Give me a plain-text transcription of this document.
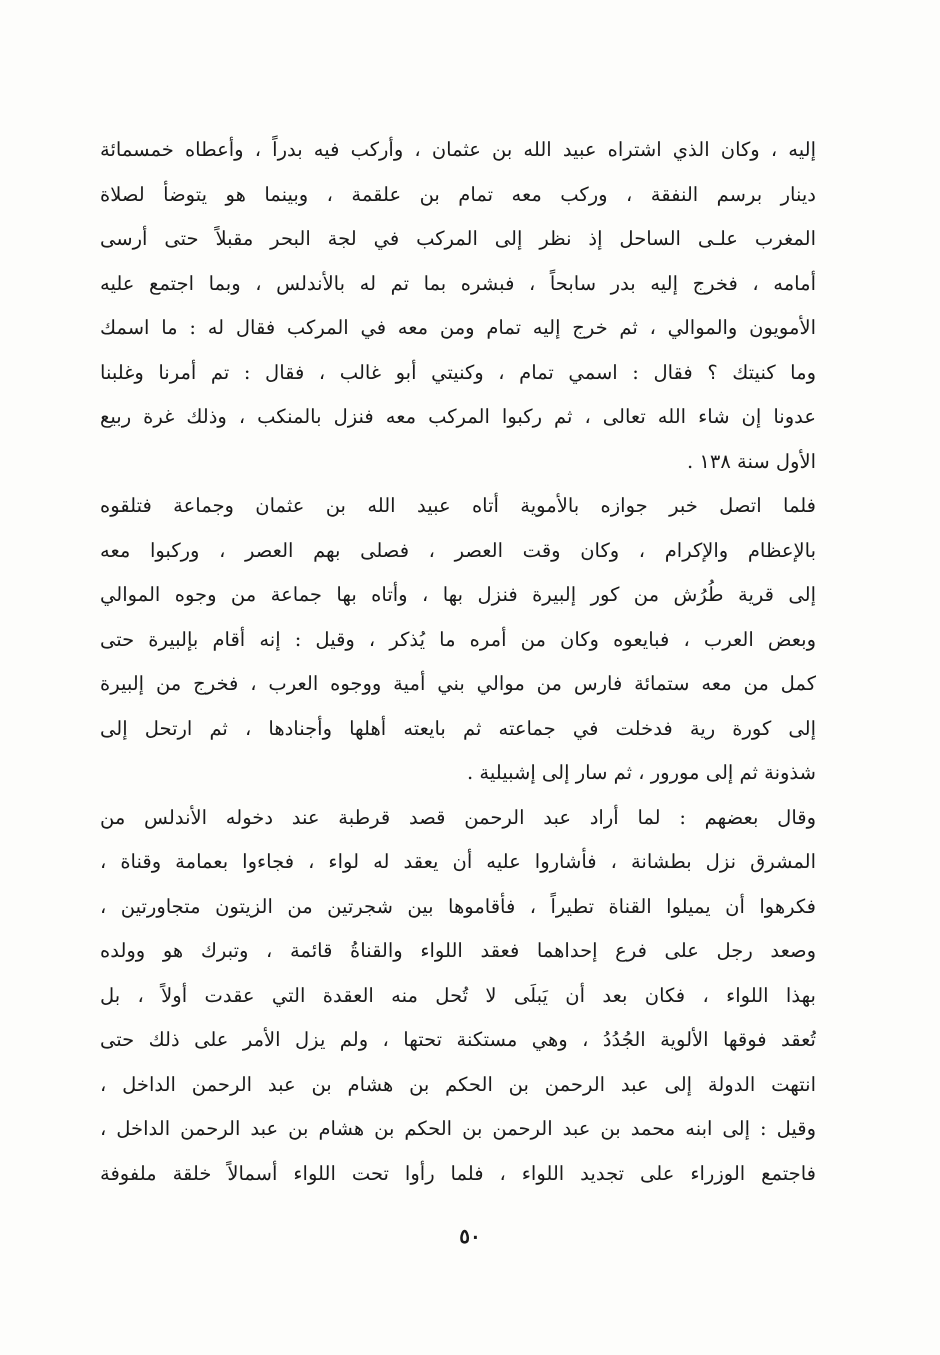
إليه ، وكان الذي اشتراه عبيد الله بن عثمان ، وأركب فيه بدراً ، وأعطاه خمسمائة
دينار برسم النفقة ، وركب معه تمام بن علقمة ، وبينما هو يتوضأ لصلاة
المغرب علـى الساحل إذ نظر إلى المركب في لجة البحر مقبلاً حتى أرسى
أمامه ، فخرج إليه بدر سابحاً ، فبشره بما تم له بالأندلس ، وبما اجتمع عليه
الأمويون والموالي ، ثم خرج إليه تمام ومن معه في المركب فقال له : ما اسمك
وما كنيتك ؟ فقال : اسمي تمام ، وكنيتي أبو غالب ، فقال : تم أمرنا وغلبنا
عدونا إن شاء الله تعالى ، ثم ركبوا المركب معه فنزل بالمنكب ، وذلك غرة ربيع
الأول سنة ١٣٨ .
فلما اتصل خبر جوازه بالأموية أتاه عبيد الله بن عثمان وجماعة فتلقوه
بالإعظام والإكرام ، وكان وقت العصر ، فصلى بهم العصر ، وركبوا معه
إلى قرية طُرُش من كور إلبيرة فنزل بها ، وأتاه بها جماعة من وجوه الموالي
وبعض العرب ، فبايعوه وكان من أمره ما يُذكر ، وقيل : إنه أقام بإلبيرة حتى
كمل من معه ستمائة فارس من موالي بني أمية ووجوه العرب ، فخرج من إلبيرة
إلى كورة رية فدخلت في جماعته ثم بايعته أهلها وأجنادها ، ثم ارتحل إلى
شذونة ثم إلى مورور ، ثم سار إلى إشبيلية .
وقال بعضهم : لما أراد عبد الرحمن قصد قرطبة عند دخوله الأندلس من
المشرق نزل بطشانة ، فأشاروا عليه أن يعقد له لواء ، فجاءوا بعمامة وقناة ،
فكرهوا أن يميلوا القناة تطيراً ، فأقاموها بين شجرتين من الزيتون متجاورتين ،
وصعد رجل على فرع إحداهما فعقد اللواء والقناةُ قائمة ، وتبرك هو وولده
بهذا اللواء ، فكان بعد أن يَبلَى لا تُحل منه العقدة التي عقدت أولاً ، بل
تُعقد فوقها الألوية الجُدُدُ ، وهي مستكنة تحتها ، ولم يزل الأمر على ذلك حتى
انتهت الدولة إلى عبد الرحمن بن الحكم بن هشام بن عبد الرحمن الداخل ،
وقيل : إلى ابنه محمد بن عبد الرحمن بن الحكم بن هشام بن عبد الرحمن الداخل ،
فاجتمع الوزراء على تجديد اللواء ، فلما رأوا تحت اللواء أسمالاً خلقة ملفوفة
٥٠
